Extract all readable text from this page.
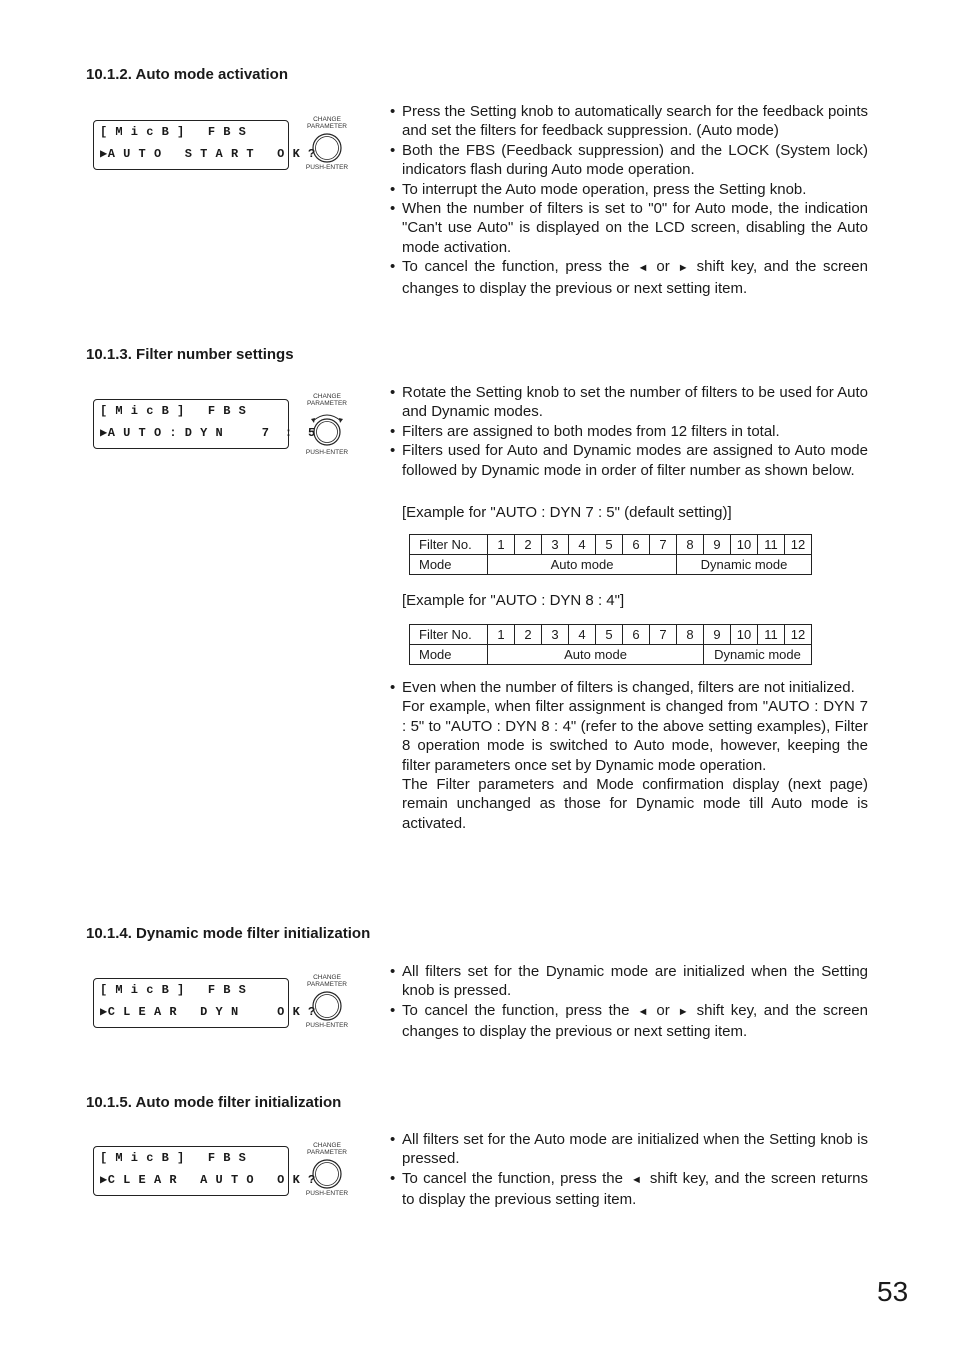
10.1.2. Auto mode activation
[ M i c B ]   F B S
▶A U T O   S T A R T   O K ?
CHANGE
PARAMETER
PUSH-ENTER
• Press the Setting knob to automatically search for the feedback points and set the filters for feedback suppression. (Auto mode)
• Both the FBS (Feedback suppression) and the LOCK (System lock) indicators flash during Auto mode operation.
• To interrupt the Auto mode operation, press the Setting knob.
• When the number of filters is set to "0" for Auto mode, the indication "Can't use Auto" is displayed on the LCD screen, disabling the Auto mode activation.
• To cancel the function, press the ◄ or ► shift key, and the screen changes to display the previous or next setting item.
10.1.3. Filter number settings
[ M i c B ]   F B S
▶A U T O : D Y N     7  :  5
CHANGE
PARAMETER
PUSH-ENTER
• Rotate the Setting knob to set the number of filters to be used for Auto and Dynamic modes.
• Filters are assigned to both modes from 12 filters in total.
• Filters used for Auto and Dynamic modes are assigned to Auto mode followed by Dynamic mode in order of filter number as shown below.

[Example for "AUTO : DYN 7 : 5" (default setting)]

Filter No.	1	2	3	4	5	6	7	8	9	10	11	12
Mode	Auto mode							Dynamic mode				

[Example for "AUTO : DYN 8 : 4"]

Filter No.	1	2	3	4	5	6	7	8	9	10	11	12
Mode	Auto mode								Dynamic mode			
• Even when the number of filters is changed, filters are not initialized.

For example, when filter assignment is changed from "AUTO : DYN 7 : 5" to "AUTO : DYN 8 : 4" (refer to the above setting examples), Filter 8 operation mode is switched to Auto mode, however, keeping the filter parameters once set by Dynamic mode operation.

The Filter parameters and Mode confirmation display (next page) remain unchanged as those for Dynamic mode till Auto mode is activated.

10.1.4. Dynamic mode filter initialization
[ M i c B ]   F B S
▶C L E A R   D Y N     O K ?
CHANGE
PARAMETER
PUSH-ENTER
• All filters set for the Dynamic mode are initialized when the Setting knob is pressed.
• To cancel the function, press the ◄ or ► shift key, and the screen changes to display the previous or next setting item.
10.1.5. Auto mode filter initialization
[ M i c B ]   F B S
▶C L E A R   A U T O   O K ?
CHANGE
PARAMETER
PUSH-ENTER
• All filters set for the Auto mode are initialized when the Setting knob is pressed.
• To cancel the function, press the ◄ shift key, and the screen returns to display the previous setting item.

53
